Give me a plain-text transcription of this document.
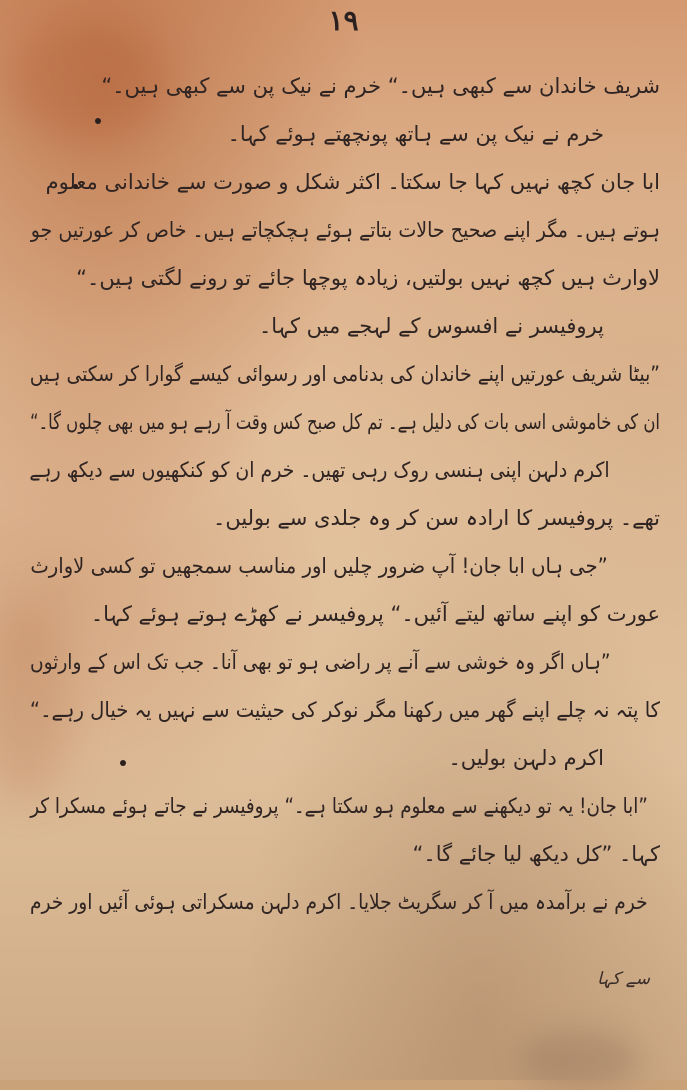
۱۹
شریف خاندان سے کبھی ہیں۔“ خرم نے نیک پن سے کبھی ہیں۔“
خرم نے نیک پن سے ہاتھ پونچھتے ہوئے کہا۔
ابا جان کچھ نہیں کہا جا سکتا۔ اکثر شکل و صورت سے خاندانی معلوم
ہوتے ہیں۔ مگر اپنے صحیح حالات بتاتے ہوئے ہچکچاتے ہیں۔ خاص کر عورتیں جو
لاوارث ہیں کچھ نہیں بولتیں، زیادہ پوچھا جائے تو رونے لگتی ہیں۔“
پروفیسر نے افسوس کے لہجے میں کہا۔
”بیٹا شریف عورتیں اپنے خاندان کی بدنامی اور رسوائی کیسے گوارا کر سکتی ہیں
ان کی خاموشی اسی بات کی دلیل ہے۔ تم کل صبح کس وقت آ رہے ہو میں بھی چلوں گا۔“
اکرم دلہن اپنی ہنسی روک رہی تھیں۔ خرم ان کو کنکھیوں سے دیکھ رہے
تھے۔ پروفیسر کا ارادہ سن کر وہ جلدی سے بولیں۔
”جی ہاں ابا جان! آپ ضرور چلیں اور مناسب سمجھیں تو کسی لاوارث
عورت کو اپنے ساتھ لیتے آئیں۔“ پروفیسر نے کھڑے ہوتے ہوئے کہا۔
”ہاں اگر وہ خوشی سے آنے پر راضی ہو تو بھی آنا۔ جب تک اس کے وارثوں
کا پتہ نہ چلے اپنے گھر میں رکھنا مگر نوکر کی حیثیت سے نہیں یہ خیال رہے۔“
اکرم دلہن بولیں۔
”ابا جان! یہ تو دیکھنے سے معلوم ہو سکتا ہے۔“ پروفیسر نے جاتے ہوئے مسکرا کر
کہا۔ ”کل دیکھ لیا جائے گا۔“
خرم نے برآمدہ میں آ کر سگریٹ جلایا۔ اکرم دلہن مسکراتی ہوئی آئیں اور خرم
سے کہا
